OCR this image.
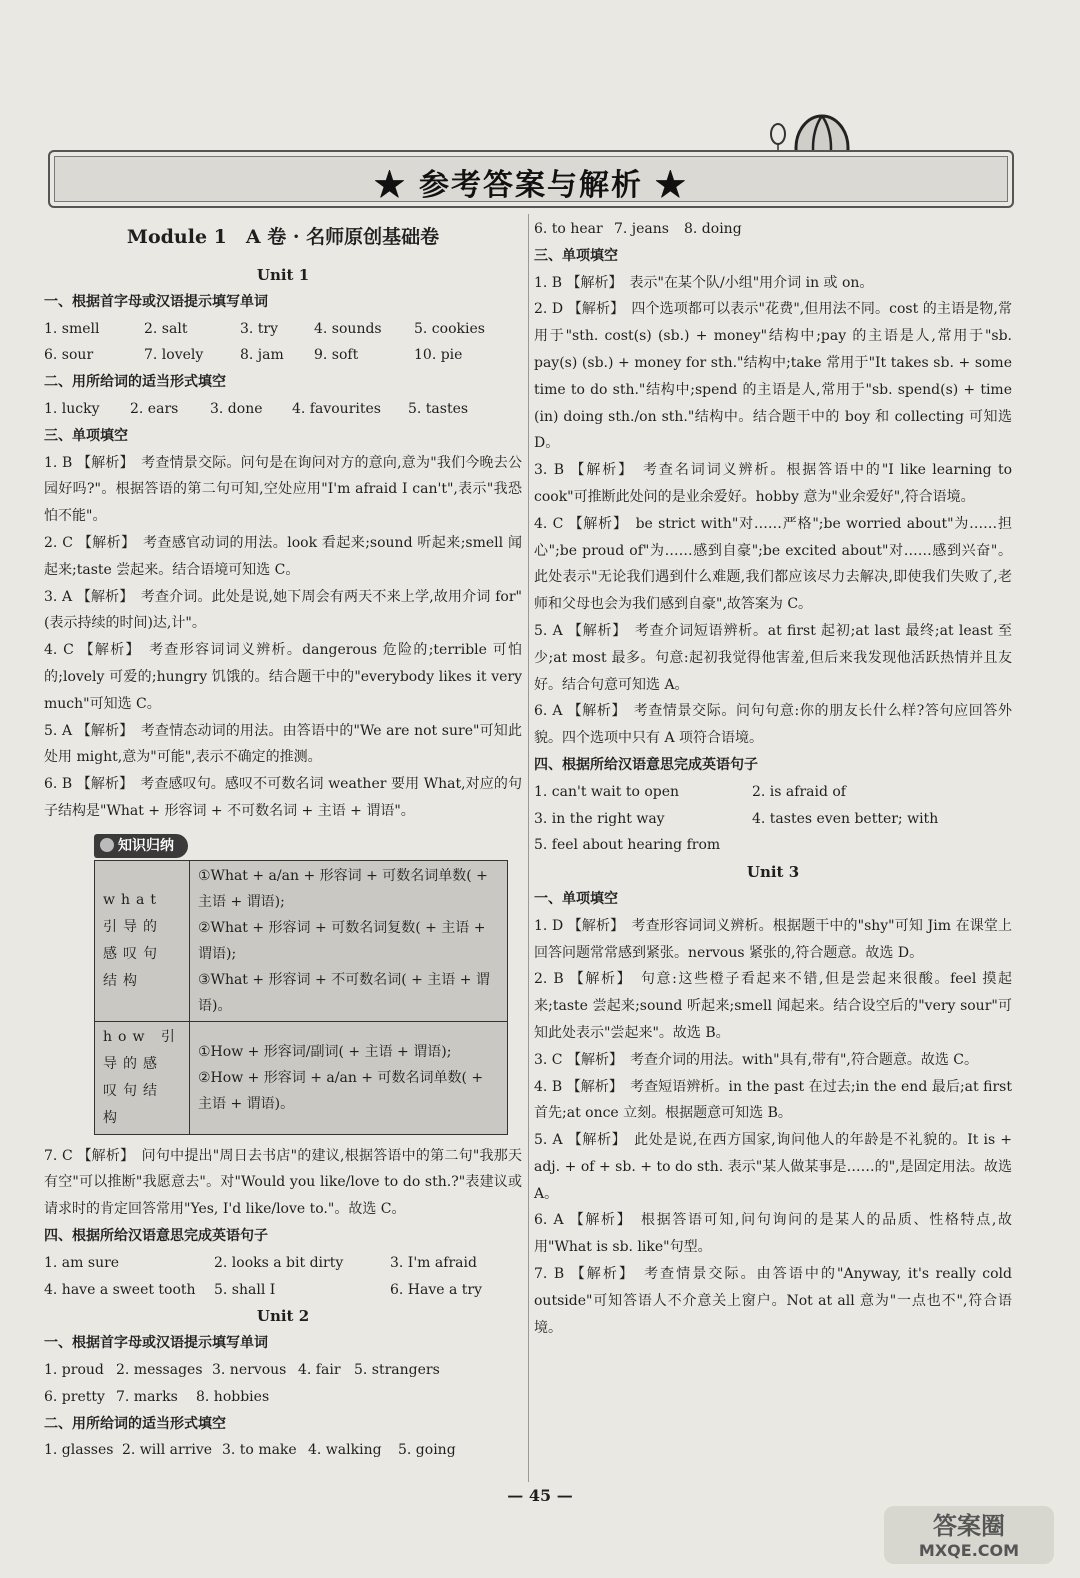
★ 参考答案与解析 ★
Module 1　A 卷 · 名师原创基础卷
Unit 1
一、根据首字母或汉语提示填写单词
1. smell	2. salt	3. try	4. sounds	5. cookies
6. sour	7. lovely	8. jam	9. soft	10. pie
二、用所给词的适当形式填空
1. lucky	2. ears	3. done	4. favourites	5. tastes
三、单项填空
1. B 【解析】　考查情景交际。问句是在询问对方的意向,意为"我们今晚去公园好吗?"。根据答语的第二句可知,空处应用"I'm afraid I can't",表示"我恐怕不能"。
2. C 【解析】　考查感官动词的用法。look 看起来;sound 听起来;smell 闻起来;taste 尝起来。结合语境可知选 C。
3. A 【解析】　考查介词。此处是说,她下周会有两天不来上学,故用介词 for"(表示持续的时间)达,计"。
4. C 【解析】　考查形容词词义辨析。dangerous 危险的;terrible 可怕的;lovely 可爱的;hungry 饥饿的。结合题干中的"everybody likes it very much"可知选 C。
5. A 【解析】　考查情态动词的用法。由答语中的"We are not sure"可知此处用 might,意为"可能",表示不确定的推测。
6. B 【解析】　考查感叹句。感叹不可数名词 weather 要用 What,对应的句子结构是"What + 形容词 + 不可数名词 + 主语 + 谓语"。
知识归纳
what 引导的感叹句结构	①What + a/an + 形容词 + 可数名词单数( + 主语 + 谓语);
②What + 形容词 + 可数名词复数( + 主语 + 谓语);
③What + 形容词 + 不可数名词( + 主语 + 谓语)。

how 引导的感叹句结构	①How + 形容词/副词( + 主语 + 谓语);
②How + 形容词 + a/an + 可数名词单数( + 主语 + 谓语)。
7. C 【解析】　问句中提出"周日去书店"的建议,根据答语中的第二句"我那天有空"可以推断"我愿意去"。对"Would you like/love to do sth.?"表建议或请求时的肯定回答常用"Yes, I'd like/love to."。故选 C。
四、根据所给汉语意思完成英语句子
1. am sure	2. looks a bit dirty	3. I'm afraid
4. have a sweet tooth	5. shall I	6. Have a try
Unit 2
一、根据首字母或汉语提示填写单词
1. proud 2. messages 3. nervous 4. fair 5. strangers
6. pretty 7. marks	8. hobbies
二、用所给词的适当形式填空
1. glasses 2. will arrive 3. to make 4. walking	5. going
6. to hear 7. jeans	8. doing
三、单项填空
1. B 【解析】　表示"在某个队/小组"用介词 in 或 on。
2. D 【解析】　四个选项都可以表示"花费",但用法不同。cost 的主语是物,常用于"sth. cost(s) (sb.) + money"结构中;pay 的主语是人,常用于"sb. pay(s) (sb.) + money for sth."结构中;take 常用于"It takes sb. + some time to do sth."结构中;spend 的主语是人,常用于"sb. spend(s) + time (in) doing sth./on sth."结构中。结合题干中的 boy 和 collecting 可知选 D。
3. B 【解析】　考查名词词义辨析。根据答语中的"I like learning to cook"可推断此处问的是业余爱好。hobby 意为"业余爱好",符合语境。
4. C 【解析】　be strict with"对……严格";be worried about"为……担心";be proud of"为……感到自豪";be excited about"对……感到兴奋"。此处表示"无论我们遇到什么难题,我们都应该尽力去解决,即使我们失败了,老师和父母也会为我们感到自豪",故答案为 C。
5. A 【解析】　考查介词短语辨析。at first 起初;at last 最终;at least 至少;at most 最多。句意:起初我觉得他害羞,但后来我发现他活跃热情并且友好。结合句意可知选 A。
6. A 【解析】　考查情景交际。问句句意:你的朋友长什么样?答句应回答外貌。四个选项中只有 A 项符合语境。
四、根据所给汉语意思完成英语句子
1. can't wait to open	2. is afraid of
3. in the right way	4. tastes even better; with
5. feel about hearing from
Unit 3
一、单项填空
1. D 【解析】　考查形容词词义辨析。根据题干中的"shy"可知 Jim 在课堂上回答问题常常感到紧张。nervous 紧张的,符合题意。故选 D。
2. B 【解析】　句意:这些橙子看起来不错,但是尝起来很酸。feel 摸起来;taste 尝起来;sound 听起来;smell 闻起来。结合设空后的"very sour"可知此处表示"尝起来"。故选 B。
3. C 【解析】　考查介词的用法。with"具有,带有",符合题意。故选 C。
4. B 【解析】　考查短语辨析。in the past 在过去;in the end 最后;at first 首先;at once 立刻。根据题意可知选 B。
5. A 【解析】　此处是说,在西方国家,询问他人的年龄是不礼貌的。It is + adj. + of + sb. + to do sth. 表示"某人做某事是……的",是固定用法。故选 A。
6. A 【解析】　根据答语可知,问句询问的是某人的品质、性格特点,故用"What is sb. like"句型。
7. B 【解析】　考查情景交际。由答语中的"Anyway, it's really cold outside"可知答语人不介意关上窗户。Not at all 意为"一点也不",符合语境。
— 45 —
答案圈
MXQE.COM
